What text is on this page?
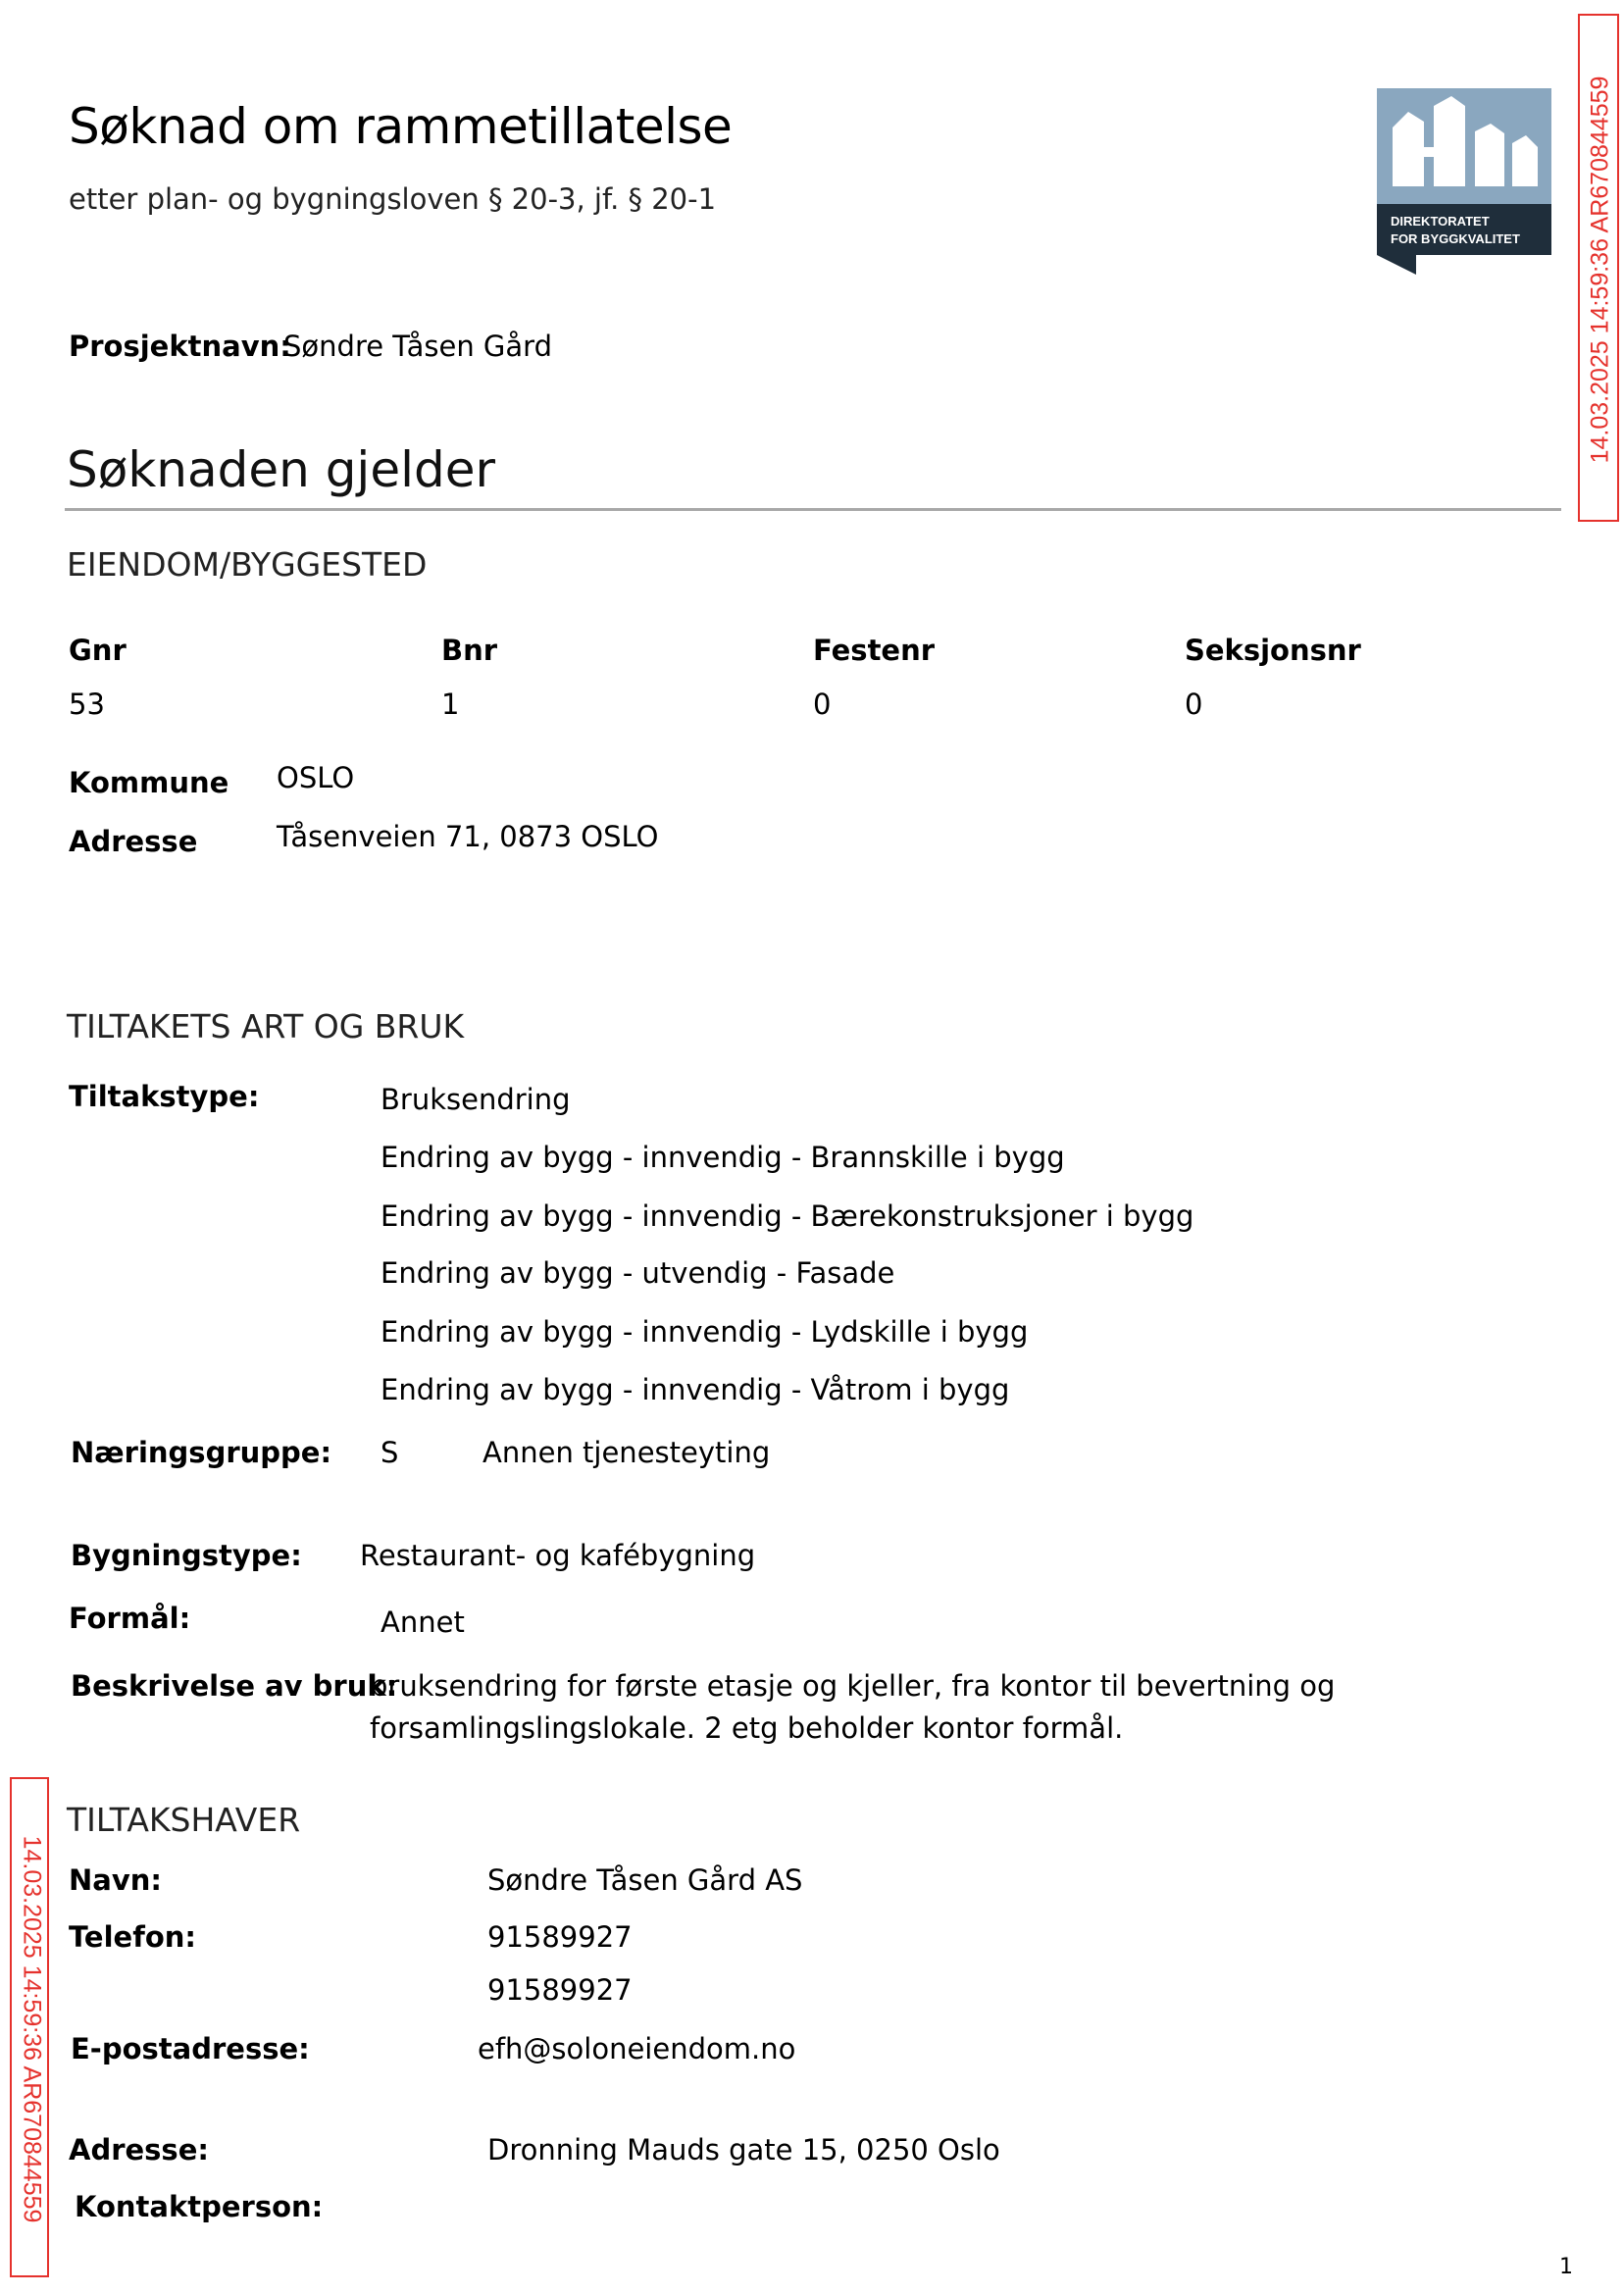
Søknad om rammetillatelse
etter plan- og bygningsloven § 20-3, jf. § 20-1
DIREKTORATET
FOR BYGGKVALITET	14.03.2025 14:59:36 AR670844559
Prosjektnavn:
Søndre Tåsen Gård
Søknaden gjelder
EIENDOM/BYGGESTED
Gnr	Bnr	Festenr	Seksjonsnr
53	1	0	0
Kommune OSLO
Adresse	Tåsenveien 71, 0873 OSLO
TILTAKETS ART OG BRUK
Tiltakstype:	Bruksendring
Endring av bygg - innvendig - Brannskille i bygg
Endring av bygg - innvendig - Bærekonstruksjoner i bygg
Endring av bygg - utvendig - Fasade
Endring av bygg - innvendig - Lydskille i bygg
Endring av bygg - innvendig - Våtrom i bygg
Næringsgruppe: S	Annen tjenesteyting
Bygningstype: Restaurant- og kafébygning
Formål:	Annet
Beskrivelse av bruk:
bruksendring for første etasje og kjeller, fra kontor til bevertning og
forsamlingslingslokale. 2 etg beholder kontor formål.
14.03.2025 14:59:36 AR670844559
TILTAKSHAVER
Navn:	Søndre Tåsen Gård AS
Telefon:	91589927
91589927
E-postadresse:	efh@soloneiendom.no
Adresse:	Dronning Mauds gate 15, 0250 Oslo
Kontaktperson:
1
